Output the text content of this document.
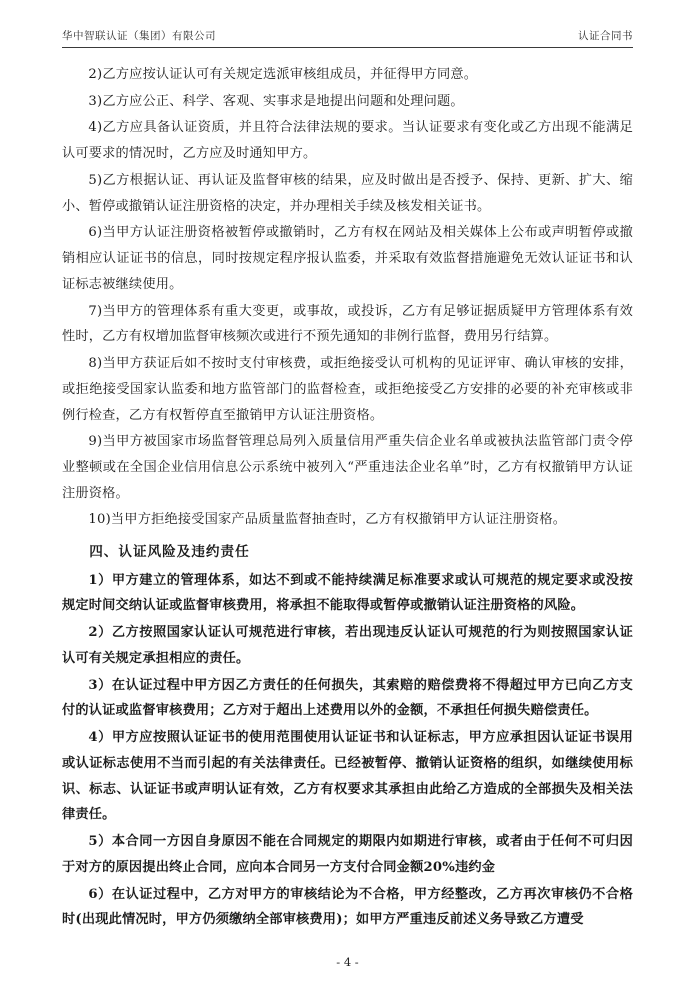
华中智联认证（集团）有限公司	认证合同书

2)乙方应按认证认可有关规定选派审核组成员，并征得甲方同意。

3)乙方应公正、科学、客观、实事求是地提出问题和处理问题。

4)乙方应具备认证资质，并且符合法律法规的要求。当认证要求有变化或乙方出现不能满足认可要求的情况时，乙方应及时通知甲方。

5)乙方根据认证、再认证及监督审核的结果，应及时做出是否授予、保持、更新、扩大、缩小、暂停或撤销认证注册资格的决定，并办理相关手续及核发相关证书。

6)当甲方认证注册资格被暂停或撤销时，乙方有权在网站及相关媒体上公布或声明暂停或撤销相应认证证书的信息，同时按规定程序报认监委，并采取有效监督措施避免无效认证证书和认证标志被继续使用。

7)当甲方的管理体系有重大变更，或事故，或投诉，乙方有足够证据质疑甲方管理体系有效性时，乙方有权增加监督审核频次或进行不预先通知的非例行监督，费用另行结算。

8)当甲方获证后如不按时支付审核费，或拒绝接受认可机构的见证评审、确认审核的安排，或拒绝接受国家认监委和地方监管部门的监督检查，或拒绝接受乙方安排的必要的补充审核或非例行检查，乙方有权暂停直至撤销甲方认证注册资格。

9)当甲方被国家市场监督管理总局列入质量信用严重失信企业名单或被执法监管部门责令停业整顿或在全国企业信用信息公示系统中被列入“严重违法企业名单”时，乙方有权撤销甲方认证注册资格。

10)当甲方拒绝接受国家产品质量监督抽查时，乙方有权撤销甲方认证注册资格。

四、认证风险及违约责任

1）甲方建立的管理体系，如达不到或不能持续满足标准要求或认可规范的规定要求或没按规定时间交纳认证或监督审核费用，将承担不能取得或暂停或撤销认证注册资格的风险。

2）乙方按照国家认证认可规范进行审核，若出现违反认证认可规范的行为则按照国家认证认可有关规定承担相应的责任。

3）在认证过程中甲方因乙方责任的任何损失，其索赔的赔偿费将不得超过甲方已向乙方支付的认证或监督审核费用；乙方对于超出上述费用以外的金额，不承担任何损失赔偿责任。

4）甲方应按照认证证书的使用范围使用认证证书和认证标志，甲方应承担因认证证书误用或认证标志使用不当而引起的有关法律责任。已经被暂停、撤销认证资格的组织，如继续使用标识、标志、认证证书或声明认证有效，乙方有权要求其承担由此给乙方造成的全部损失及相关法律责任。

5）本合同一方因自身原因不能在合同规定的期限内如期进行审核，或者由于任何不可归因于对方的原因提出终止合同，应向本合同另一方支付合同金额20%违约金

6）在认证过程中，乙方对甲方的审核结论为不合格，甲方经整改，乙方再次审核仍不合格时(出现此情况时，甲方仍须缴纳全部审核费用)；如甲方严重违反前述义务导致乙方遭受

- 4 -
